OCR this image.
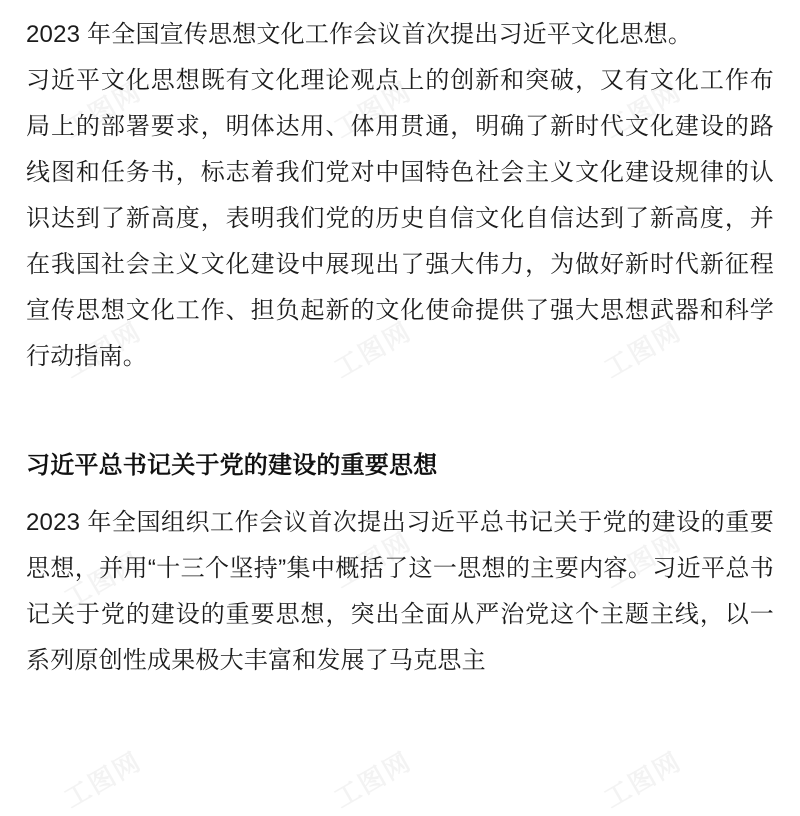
2023 年全国宣传思想文化工作会议首次提出习近平文化思想。

习近平文化思想既有文化理论观点上的创新和突破，又有文化工作布局上的部署要求，明体达用、体用贯通，明确了新时代文化建设的路线图和任务书，标志着我们党对中国特色社会主义文化建设规律的认识达到了新高度，表明我们党的历史自信文化自信达到了新高度，并在我国社会主义文化建设中展现出了强大伟力，为做好新时代新征程宣传思想文化工作、担负起新的文化使命提供了强大思想武器和科学行动指南。

习近平总书记关于党的建设的重要思想

2023 年全国组织工作会议首次提出习近平总书记关于党的建设的重要思想，并用“十三个坚持”集中概括了这一思想的主要内容。习近平总书记关于党的建设的重要思想，突出全面从严治党这个主题主线，以一系列原创性成果极大丰富和发展了马克思主
